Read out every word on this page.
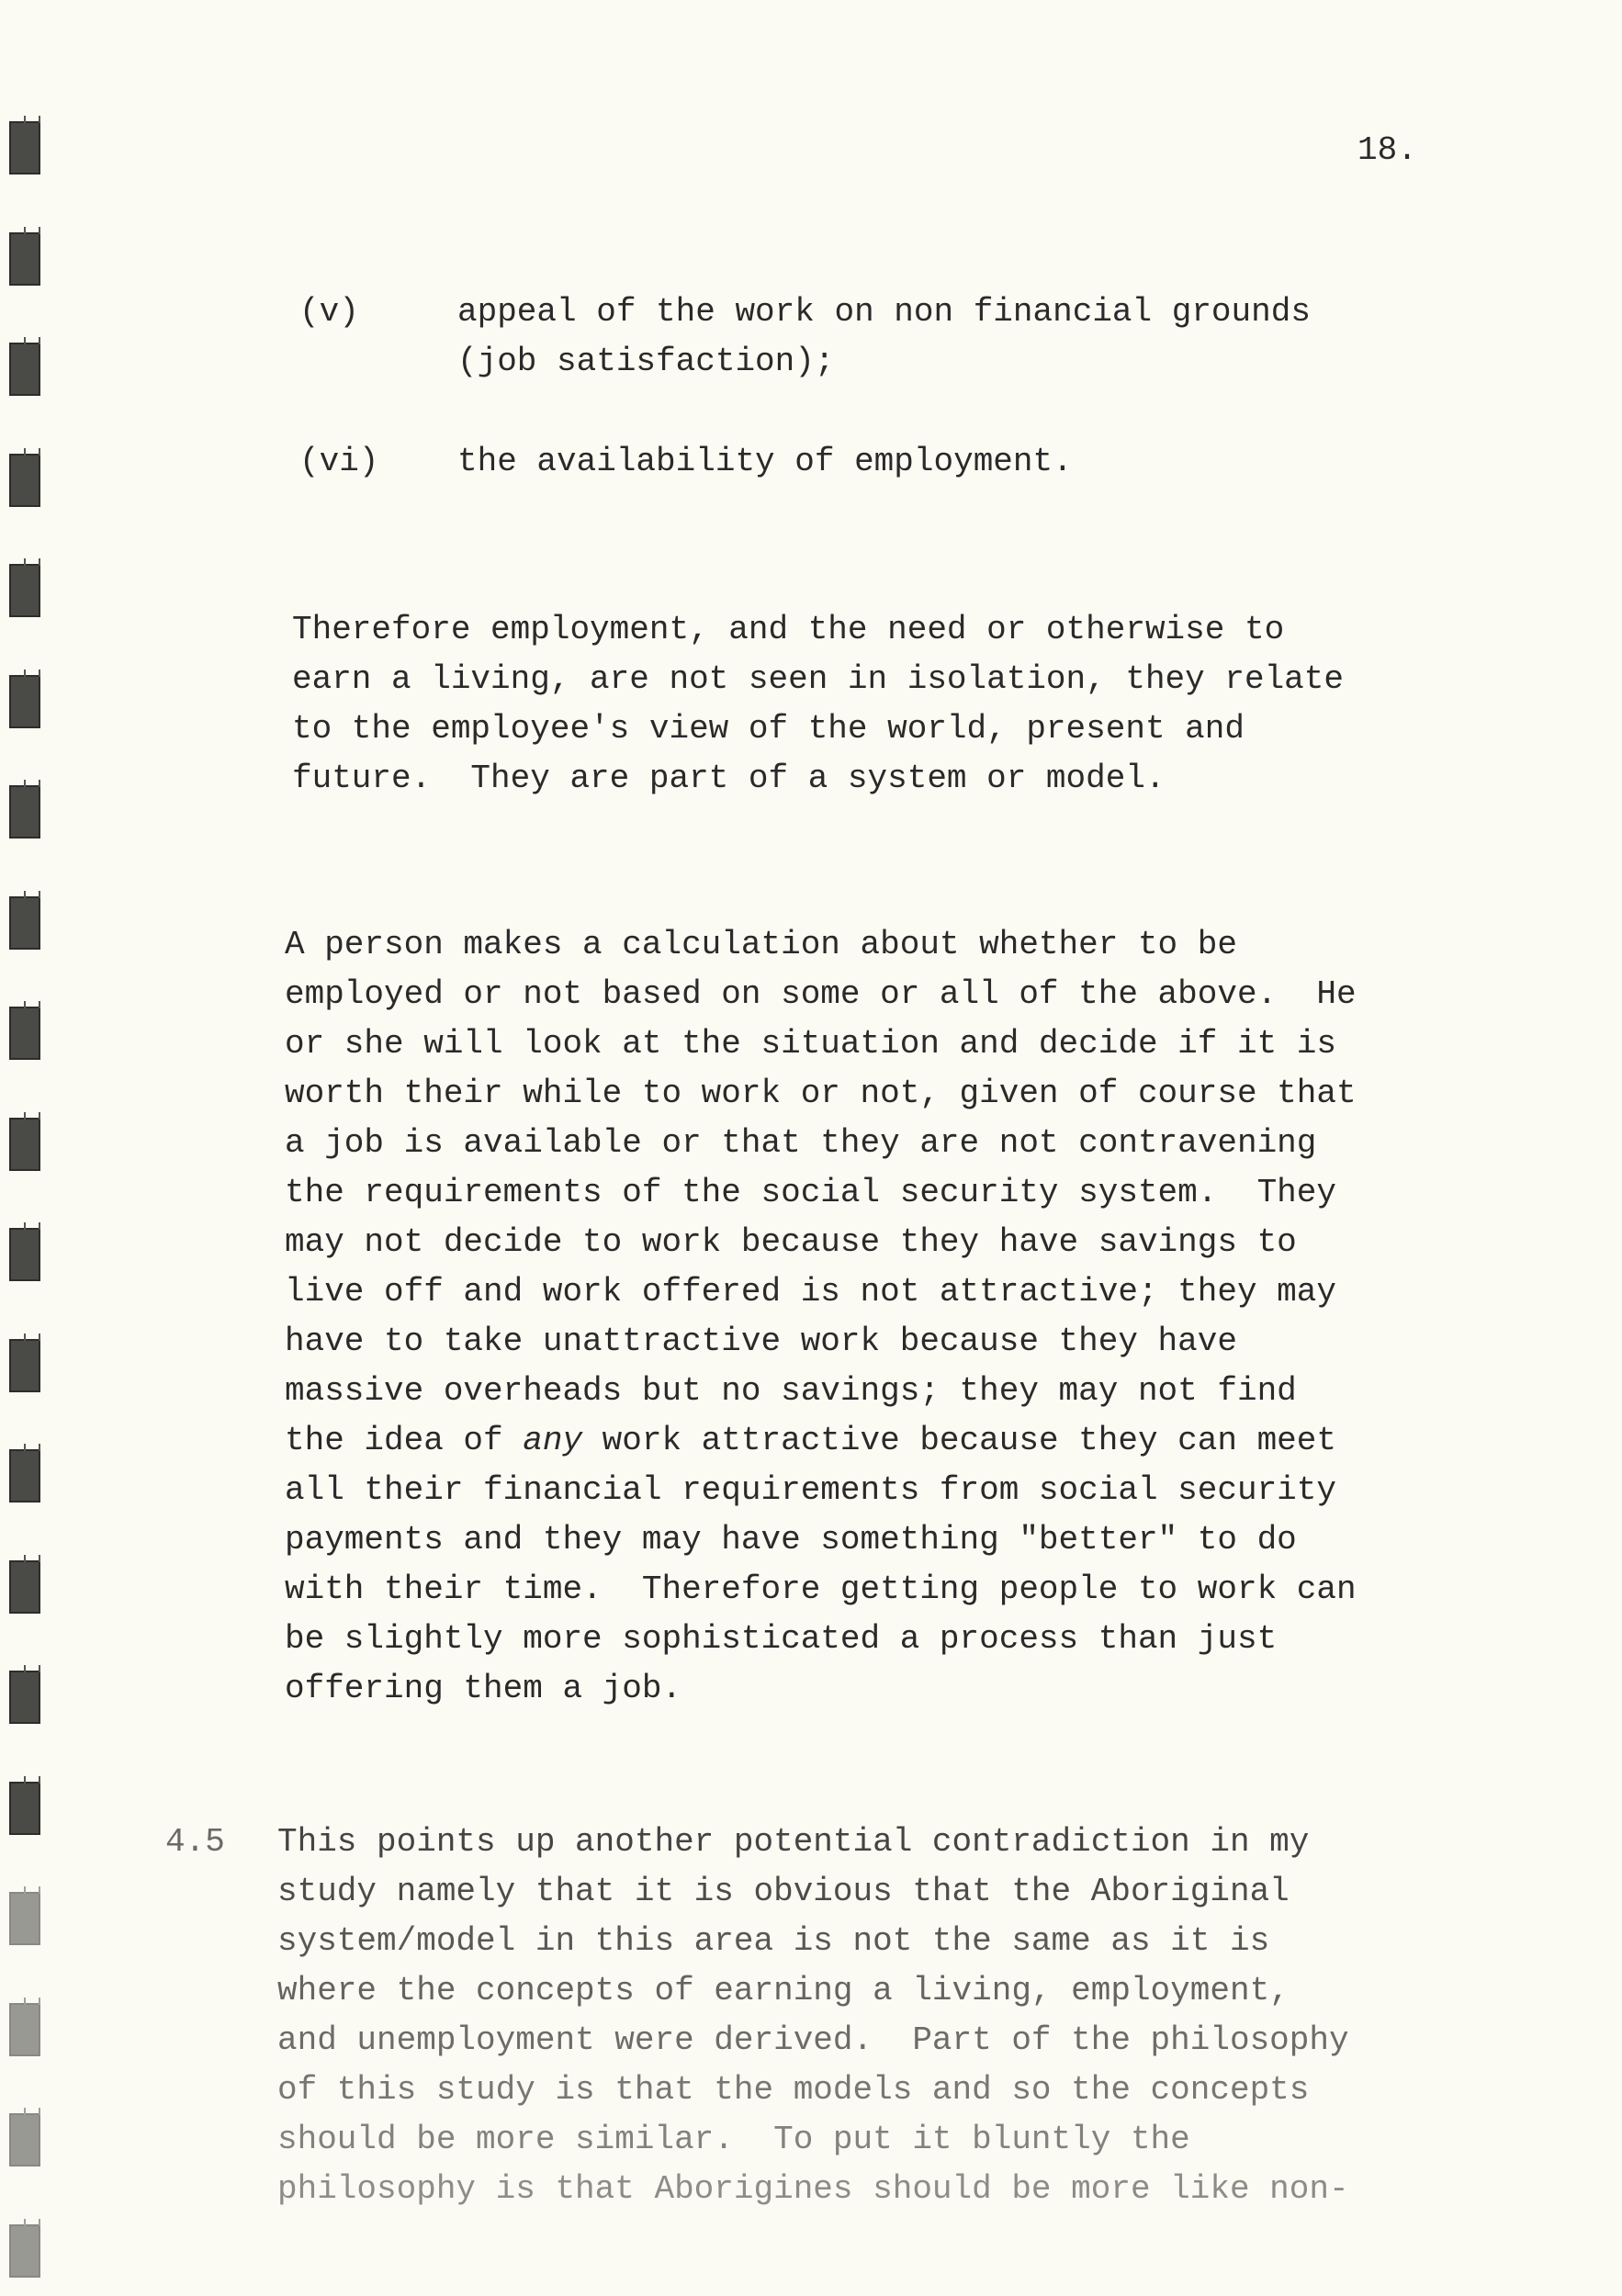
18.
(v)	appeal of the work on non financial grounds
(job satisfaction);
(vi) the availability of employment.
Therefore employment, and the need or otherwise to
earn a living, are not seen in isolation, they relate
to the employee's view of the world, present and
future.  They are part of a system or model.
A person makes a calculation about whether to be
employed or not based on some or all of the above.  He
or she will look at the situation and decide if it is
worth their while to work or not, given of course that
a job is available or that they are not contravening
the requirements of the social security system.  They
may not decide to work because they have savings to
live off and work offered is not attractive; they may
have to take unattractive work because they have
massive overheads but no savings; they may not find
the idea of any work attractive because they can meet
all their financial requirements from social security
payments and they may have something "better" to do
with their time.  Therefore getting people to work can
be slightly more sophisticated a process than just
offering them a job.
4.5 This points up another potential contradiction in my
study namely that it is obvious that the Aboriginal
system/model in this area is not the same as it is
where the concepts of earning a living, employment,
and unemployment were derived.  Part of the philosophy
of this study is that the models and so the concepts
should be more similar.  To put it bluntly the
philosophy is that Aborigines should be more like non-
